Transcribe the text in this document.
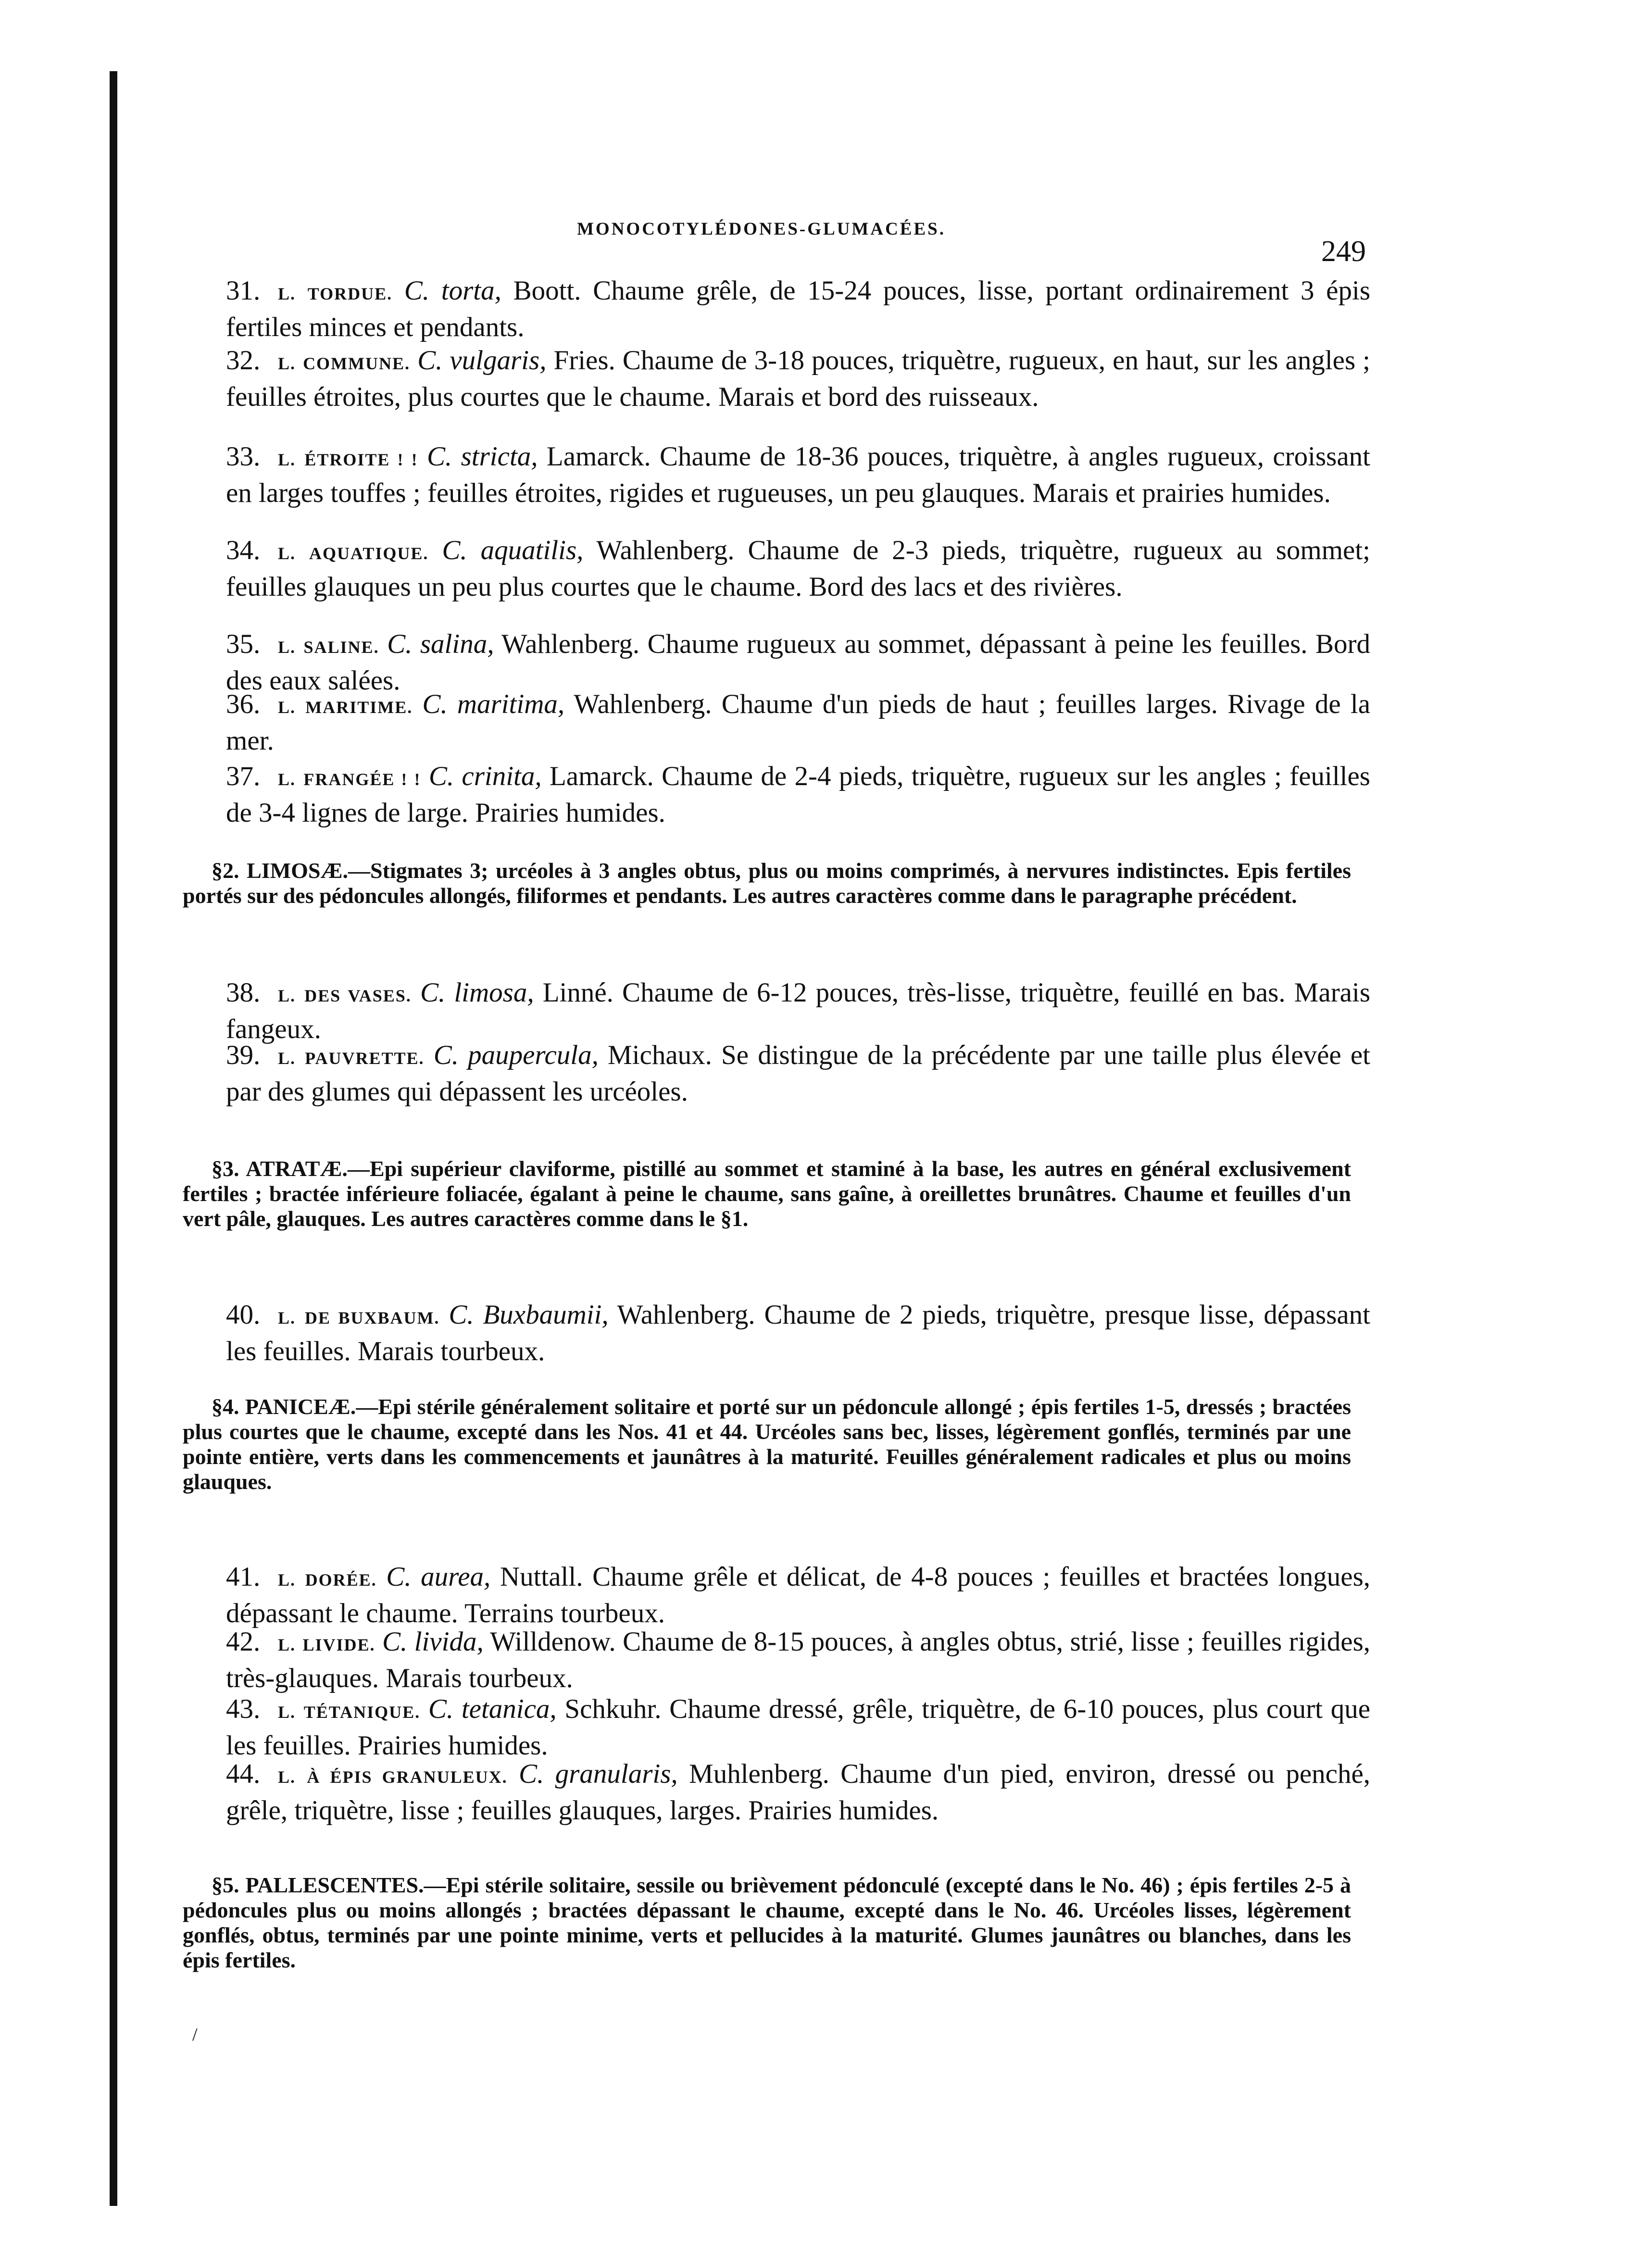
MONOCOTYLÉDONES-GLUMACÉES.
249
31. L. TORDUE. C. torta, Boott. Chaume grêle, de 15-24 pouces, lisse, portant ordinairement 3 épis fertiles minces et pendants.
32. L. COMMUNE. C. vulgaris, Fries. Chaume de 3-18 pouces, triquètre, rugueux, en haut, sur les angles ; feuilles étroites, plus courtes que le chaume. Marais et bord des ruisseaux.
33. L. ÉTROITE ! ! C. stricta, Lamarck. Chaume de 18-36 pouces, triquètre, à angles rugueux, croissant en larges touffes ; feuilles étroites, rigides et rugueuses, un peu glauques. Marais et prairies humides.
34. L. AQUATIQUE. C. aquatilis, Wahlenberg. Chaume de 2-3 pieds, triquètre, rugueux au sommet; feuilles glauques un peu plus courtes que le chaume. Bord des lacs et des rivières.
35. L. SALINE. C. salina, Wahlenberg. Chaume rugueux au sommet, dépassant à peine les feuilles. Bord des eaux salées.
36. L. MARITIME. C. maritima, Wahlenberg. Chaume d'un pieds de haut ; feuilles larges. Rivage de la mer.
37. L. FRANGÉE ! ! C. crinita, Lamarck. Chaume de 2-4 pieds, triquètre, rugueux sur les angles ; feuilles de 3-4 lignes de large. Prairies humides.
§2. LIMOSÆ.—Stigmates 3; urcéoles à 3 angles obtus, plus ou moins comprimés, à nervures indistinctes. Epis fertiles portés sur des pédoncules allongés, filiformes et pendants. Les autres caractères comme dans le paragraphe précédent.
38. L. DES VASES. C. limosa, Linné. Chaume de 6-12 pouces, très-lisse, triquètre, feuillé en bas. Marais fangeux.
39. L. PAUVRETTE. C. paupercula, Michaux. Se distingue de la précédente par une taille plus élevée et par des glumes qui dépassent les urcéoles.
§3. ATRATÆ.—Epi supérieur claviforme, pistillé au sommet et staminé à la base, les autres en général exclusivement fertiles ; bractée inférieure foliacée, égalant à peine le chaume, sans gaîne, à oreillettes brunâtres. Chaume et feuilles d'un vert pâle, glauques. Les autres caractères comme dans le §1.
40. L. DE BUXBAUM. C. Buxbaumii, Wahlenberg. Chaume de 2 pieds, triquètre, presque lisse, dépassant les feuilles. Marais tourbeux.
§4. PANICEÆ.—Epi stérile généralement solitaire et porté sur un pédoncule allongé ; épis fertiles 1-5, dressés ; bractées plus courtes que le chaume, excepté dans les Nos. 41 et 44. Urcéoles sans bec, lisses, légèrement gonflés, terminés par une pointe entière, verts dans les commencements et jaunâtres à la maturité. Feuilles généralement radicales et plus ou moins glauques.
41. L. DORÉE. C. aurea, Nuttall. Chaume grêle et délicat, de 4-8 pouces ; feuilles et bractées longues, dépassant le chaume. Terrains tourbeux.
42. L. LIVIDE. C. livida, Willdenow. Chaume de 8-15 pouces, à angles obtus, strié, lisse ; feuilles rigides, très-glauques. Marais tourbeux.
43. L. TÉTANIQUE. C. tetanica, Schkuhr. Chaume dressé, grêle, triquètre, de 6-10 pouces, plus court que les feuilles. Prairies humides.
44. L. À ÉPIS GRANULEUX. C. granularis, Muhlenberg. Chaume d'un pied, environ, dressé ou penché, grêle, triquètre, lisse ; feuilles glauques, larges. Prairies humides.
§5. PALLESCENTES.—Epi stérile solitaire, sessile ou brièvement pédonculé (excepté dans le No. 46) ; épis fertiles 2-5 à pédoncules plus ou moins allongés ; bractées dépassant le chaume, excepté dans le No. 46. Urcéoles lisses, légèrement gonflés, obtus, terminés par une pointe minime, verts et pellucides à la maturité. Glumes jaunâtres ou blanches, dans les épis fertiles.
/
